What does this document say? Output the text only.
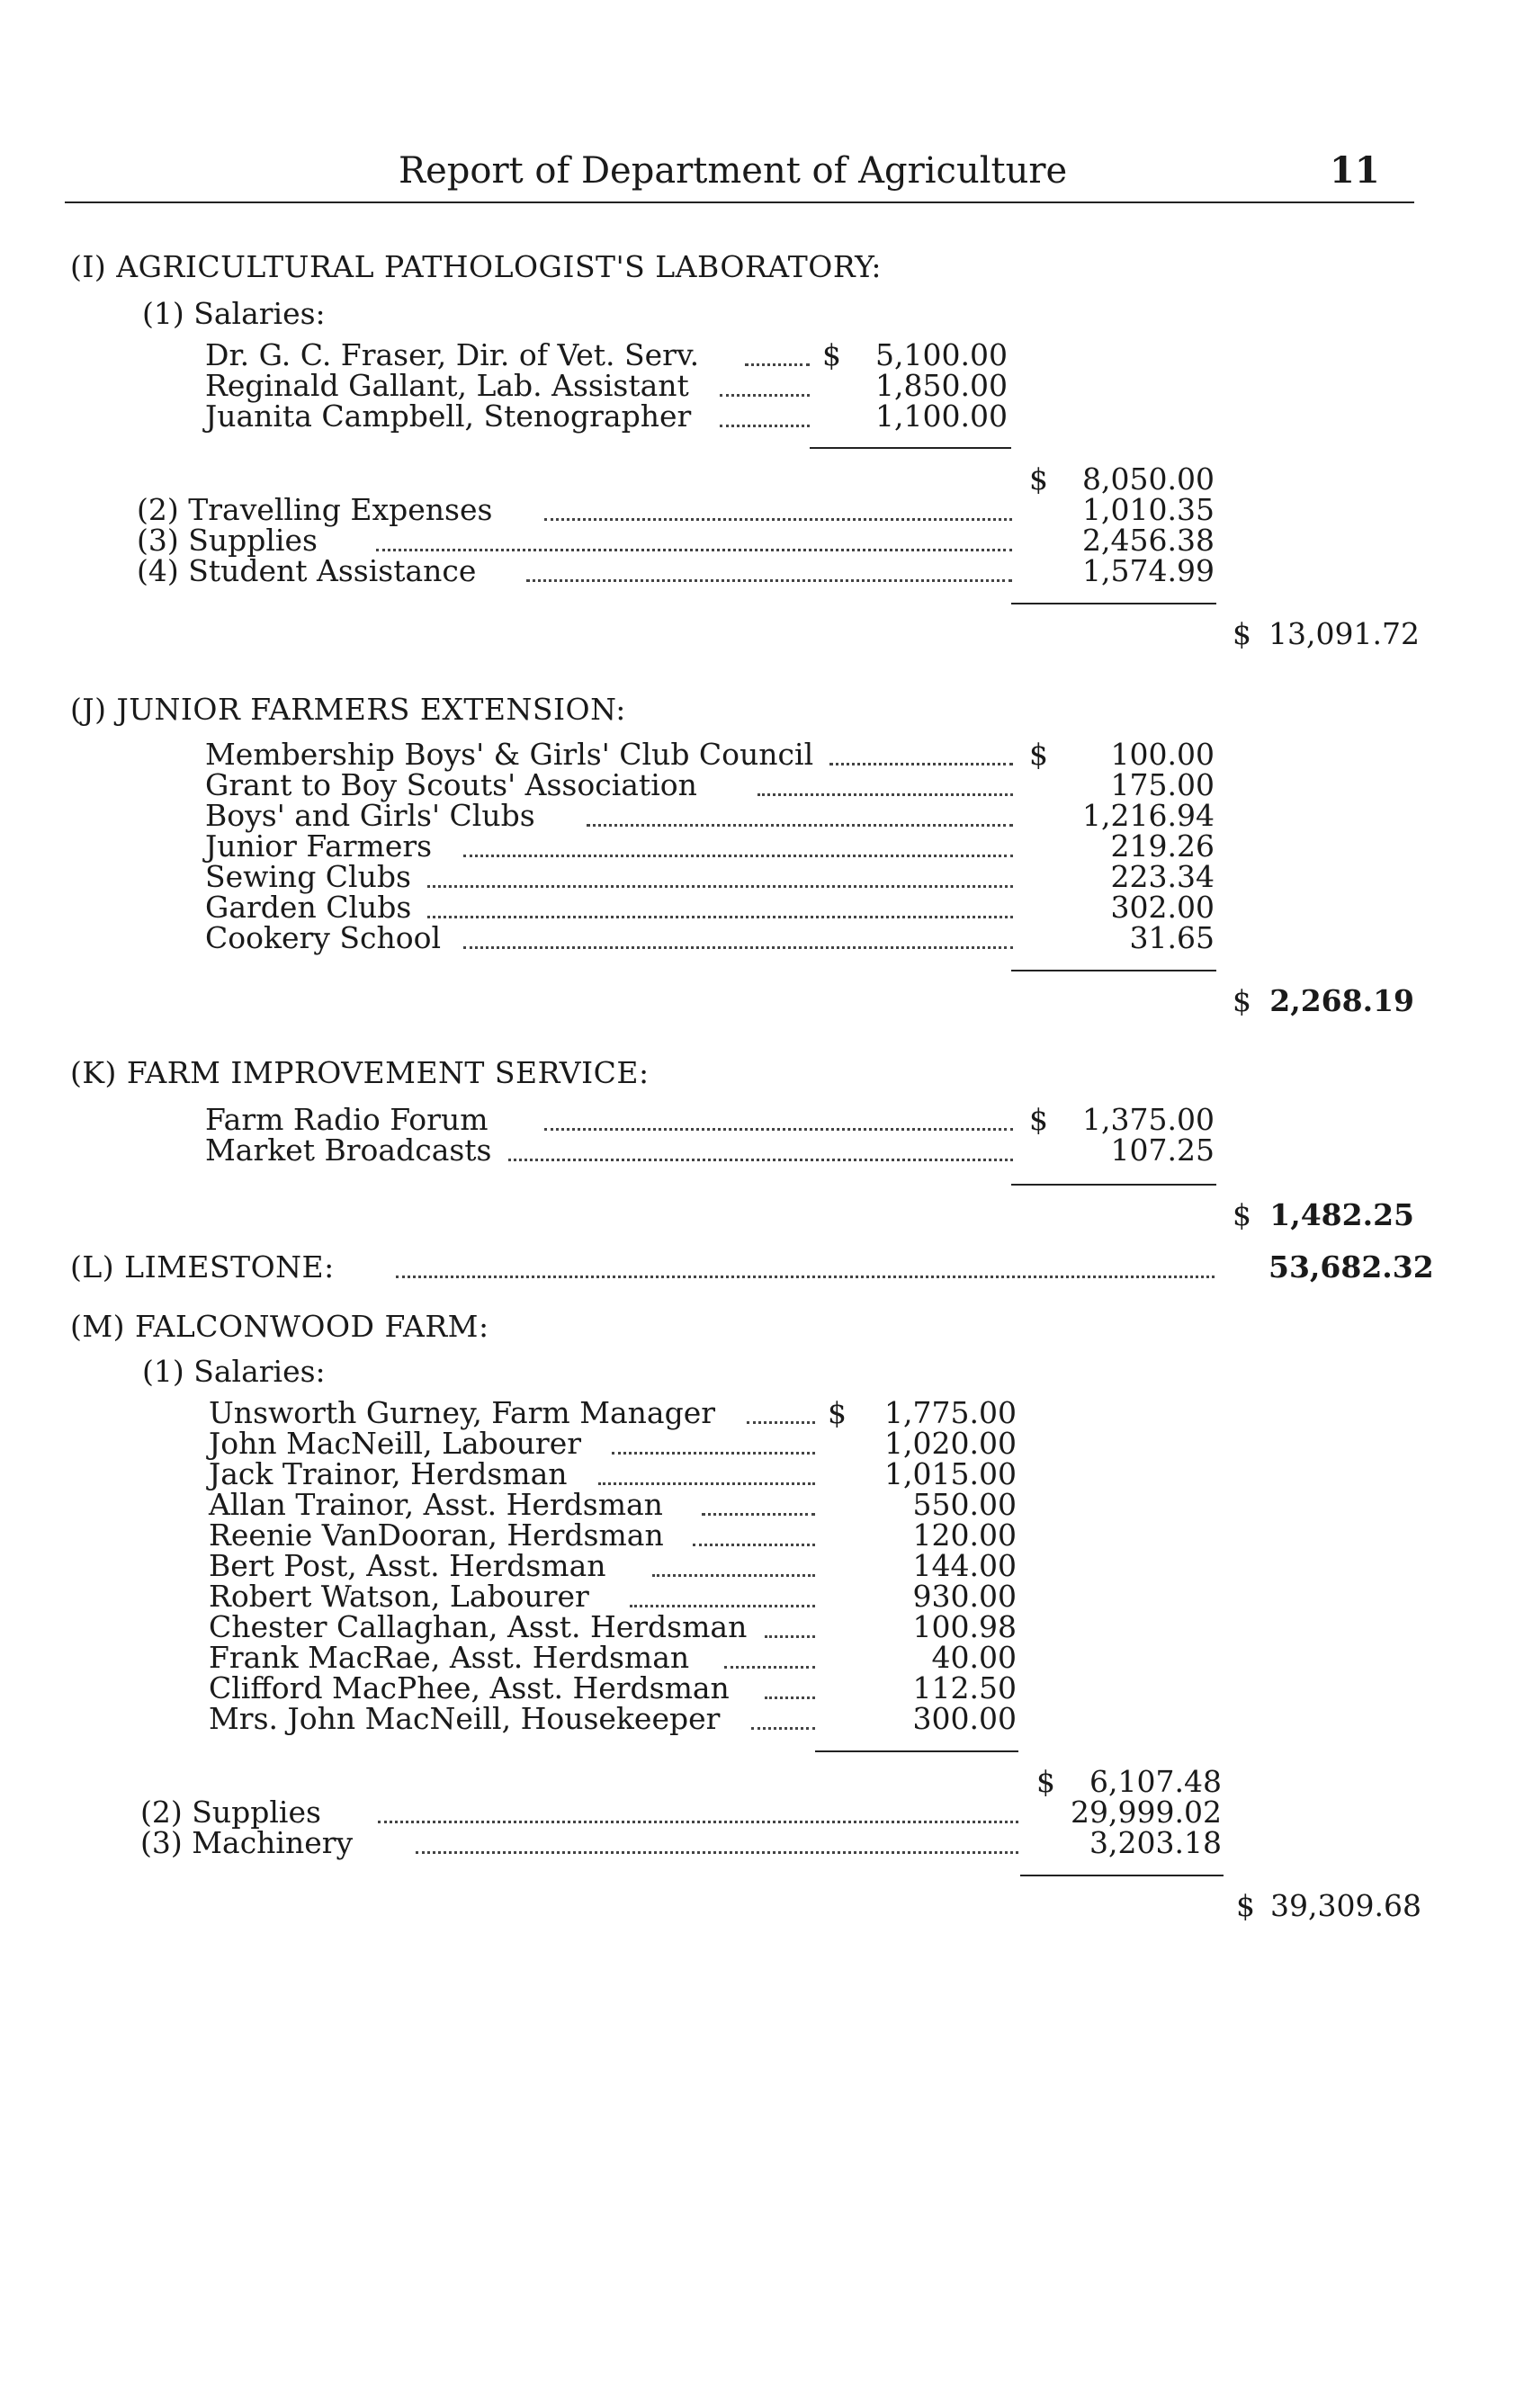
Report of Department of Agriculture	11
(I) AGRICULTURAL PATHOLOGIST'S LABORATORY:
(1) Salaries:
Dr. G. C. Fraser, Dir. of Vet. Serv.	$	5,100.00
Reginald Gallant, Lab. Assistant	1,850.00
Juanita Campbell, Stenographer	1,100.00
$	8,050.00
(2) Travelling Expenses	1,010.35
(3) Supplies	2,456.38
(4) Student Assistance	1,574.99
$ 13,091.72
(J) JUNIOR FARMERS EXTENSION:
Membership Boys' & Girls' Club Council	$	100.00
Grant to Boy Scouts' Association	175.00
Boys' and Girls' Clubs	1,216.94
Junior Farmers	219.26
Sewing Clubs	223.34
Garden Clubs	302.00
Cookery School	31.65
$ 2,268.19
(K) FARM IMPROVEMENT SERVICE:
Farm Radio Forum	$	1,375.00
Market Broadcasts	107.25
$ 1,482.25
(L) LIMESTONE:	53,682.32
(M) FALCONWOOD FARM:
(1) Salaries:
Unsworth Gurney, Farm Manager	$	1,775.00
John MacNeill, Labourer	1,020.00
Jack Trainor, Herdsman	1,015.00
Allan Trainor, Asst. Herdsman	550.00
Reenie VanDooran, Herdsman	120.00
Bert Post, Asst. Herdsman	144.00
Robert Watson, Labourer	930.00
Chester Callaghan, Asst. Herdsman	100.98
Frank MacRae, Asst. Herdsman	40.00
Clifford MacPhee, Asst. Herdsman	112.50
Mrs. John MacNeill, Housekeeper	300.00
$	6,107.48
(2) Supplies	29,999.02
(3) Machinery	3,203.18
$ 39,309.68
